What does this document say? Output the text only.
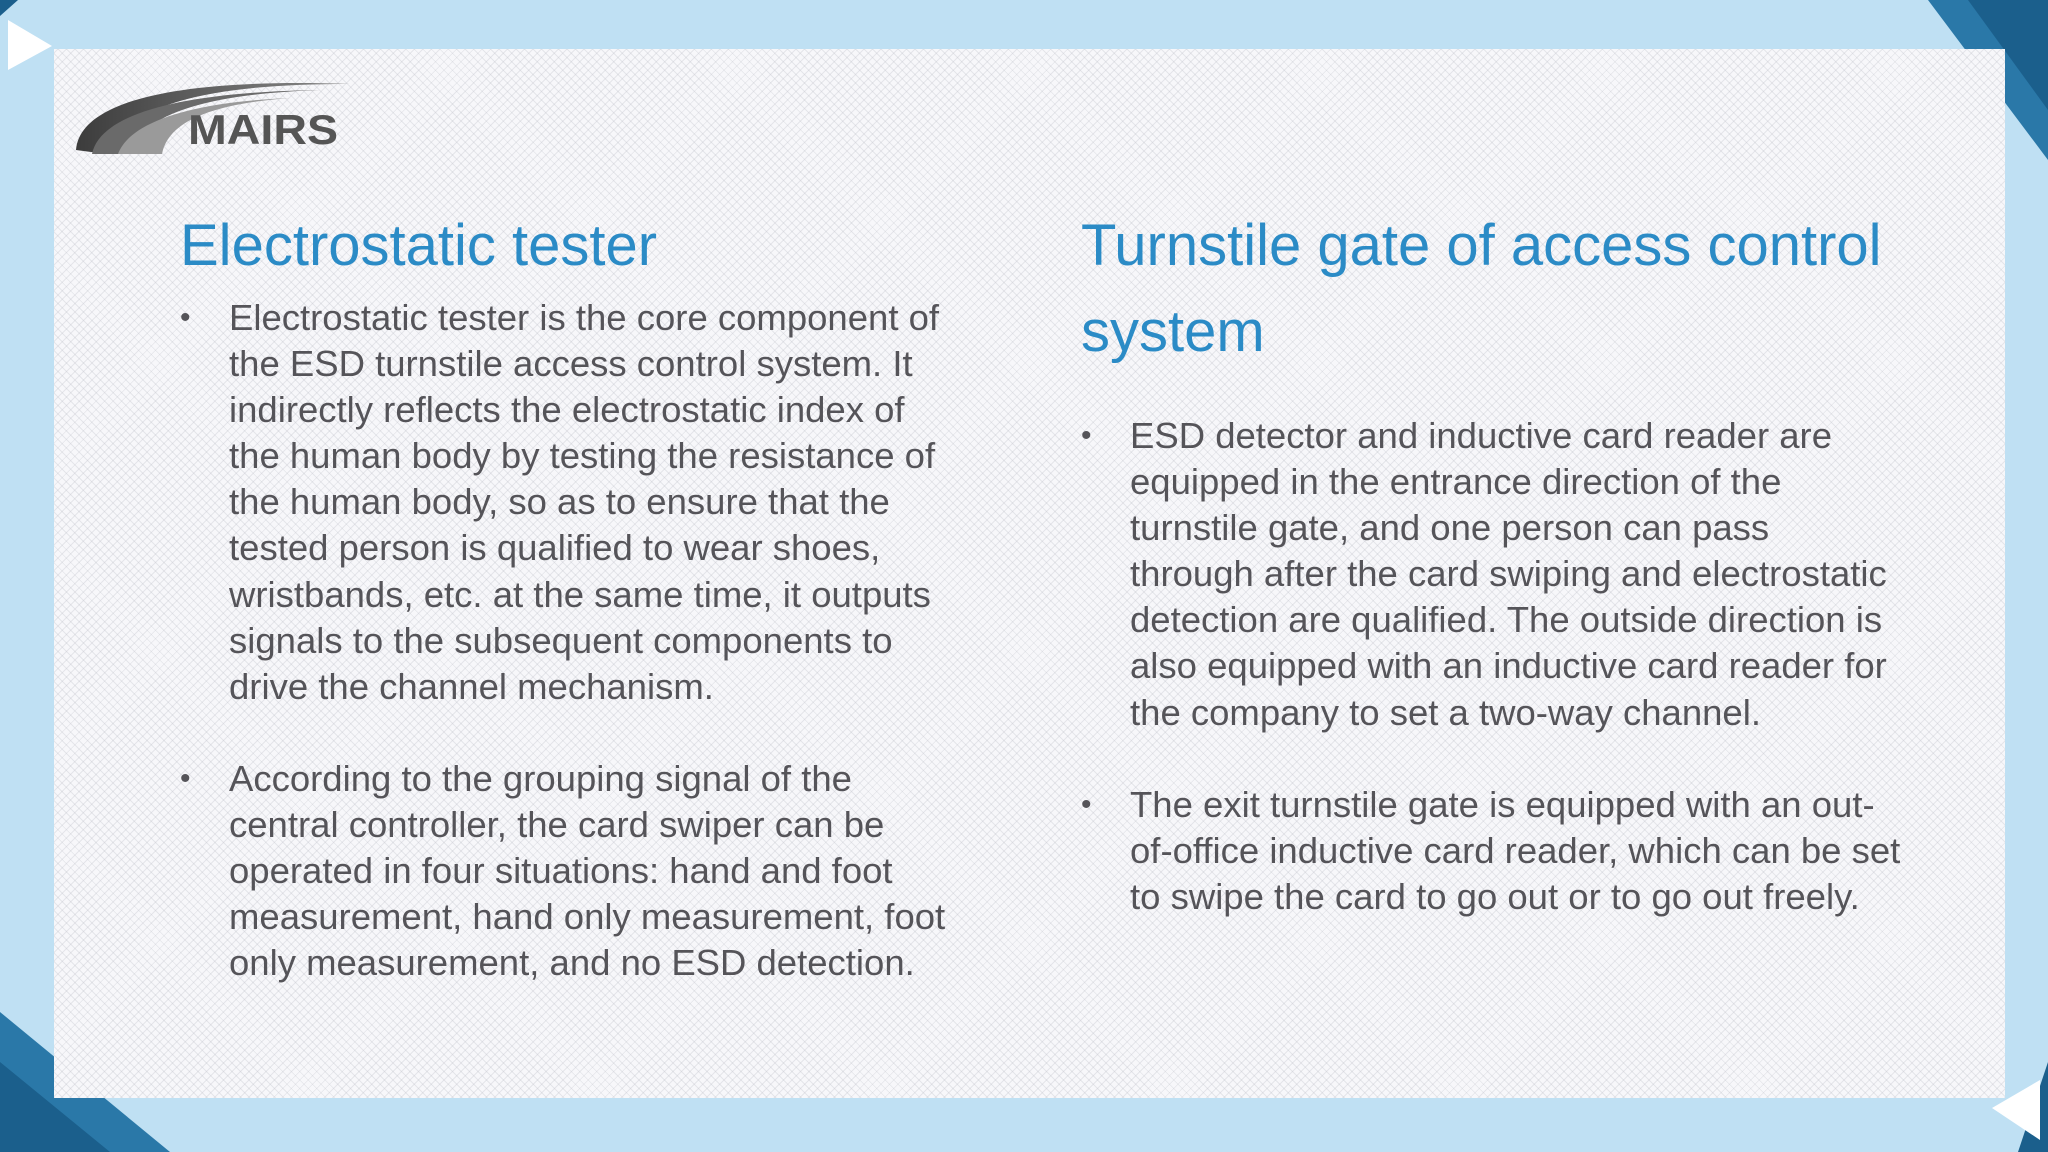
MAIRS
Electrostatic tester
• Electrostatic tester is the core component of the ESD turnstile access control system. It indirectly reflects the electrostatic index of the human body by testing the resistance of the human body, so as to ensure that the tested person is qualified to wear shoes, wristbands, etc. at the same time, it outputs signals to the subsequent components to drive the channel mechanism.
• According to the grouping signal of the central controller, the card swiper can be operated in four situations: hand and foot measurement, hand only measurement, foot only measurement, and no ESD detection.
Turnstile gate of access control system
• ESD detector and inductive card reader are equipped in the entrance direction of the turnstile gate, and one person can pass through after the card swiping and electrostatic detection are qualified. The outside direction is also equipped with an inductive card reader for the company to set a two-way channel.
• The exit turnstile gate is equipped with an out-of-office inductive card reader, which can be set to swipe the card to go out or to go out freely.
